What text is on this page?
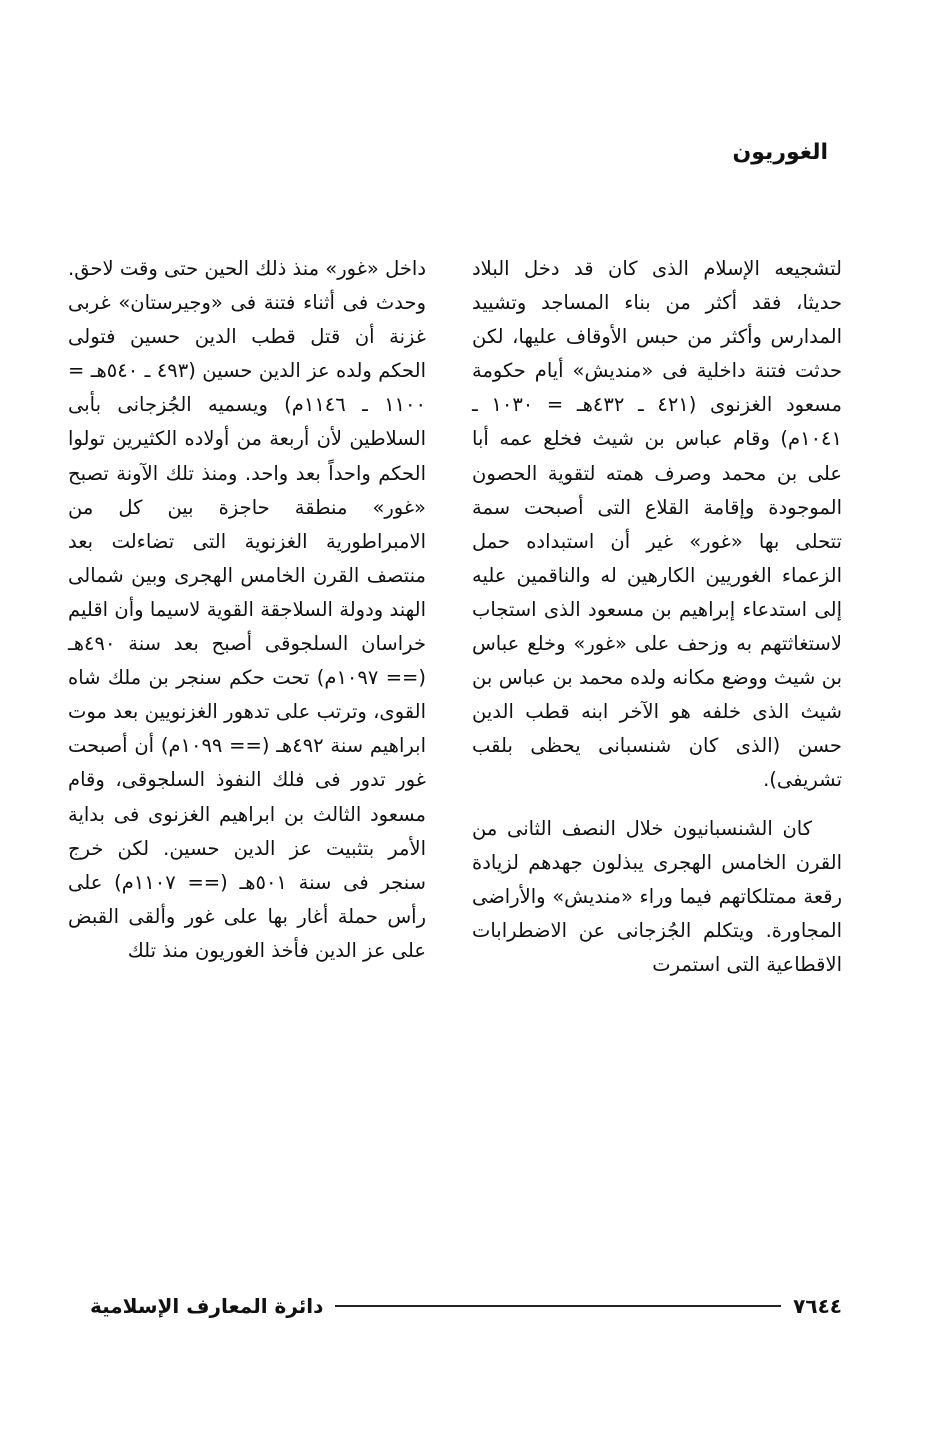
الغوريون

لتشجيعه الإسلام الذى كان قد دخل البلاد حديثا، فقد أكثر من بناء المساجد وتشييد المدارس وأكثر من حبس الأوقاف عليها، لكن حدثت فتنة داخلية فى «منديش» أيام حكومة مسعود الغزنوى (٤٢١ ـ ٤٣٢هـ = ١٠٣٠ ـ ١٠٤١م) وقام عباس بن شيث فخلع عمه أبا على بن محمد وصرف همته لتقوية الحصون الموجودة وإقامة القلاع التى أصبحت سمة تتحلى بها «غور» غير أن استبداده حمل الزعماء الغوريين الكارهين له والناقمين عليه إلى استدعاء إبراهيم بن مسعود الذى استجاب لاستغاثتهم به وزحف على «غور» وخلع عباس بن شيث ووضع مكانه ولده محمد بن عباس بن شيث الذى خلفه هو الآخر ابنه قطب الدين حسن (الذى كان شنسبانى يحظى بلقب تشريفى).

كان الشنسبانيون خلال النصف الثانى من القرن الخامس الهجرى يبذلون جهدهم لزيادة رقعة ممتلكاتهم فيما وراء «منديش» والأراضى المجاورة. ويتكلم الجُزجانى عن الاضطرابات الاقطاعية التى استمرت

داخل «غور» منذ ذلك الحين حتى وقت لاحق. وحدث فى أثناء فتنة فى «وجيرستان» غربى غزنة أن قتل قطب الدين حسين فتولى الحكم ولده عز الدين حسين (٤٩٣ ـ ٥٤٠هـ = ١١٠٠ ـ ١١٤٦م) ويسميه الجُزجانى بأبى السلاطين لأن أربعة من أولاده الكثيرين تولوا الحكم واحداً بعد واحد. ومنذ تلك الآونة تصبح «غور» منطقة حاجزة بين كل من الامبراطورية الغزنوية التى تضاءلت بعد منتصف القرن الخامس الهجرى وبين شمالى الهند ودولة السلاجقة القوية لاسيما وأن اقليم خراسان السلجوقى أصبح بعد سنة ٤٩٠هـ (== ١٠٩٧م) تحت حكم سنجر بن ملك شاه القوى، وترتب على تدهور الغزنويين بعد موت ابراهيم سنة ٤٩٢هـ (== ١٠٩٩م) أن أصبحت غور تدور فى فلك النفوذ السلجوقى، وقام مسعود الثالث بن ابراهيم الغزنوى فى بداية الأمر بتثبيت عز الدين حسين. لكن خرج سنجر فى سنة ٥٠١هـ (== ١١٠٧م) على رأس حملة أغار بها على غور وألقى القبض على عز الدين فأخذ الغوريون منذ تلك

٧٦٤٤
دائرة المعارف الإسلامية
